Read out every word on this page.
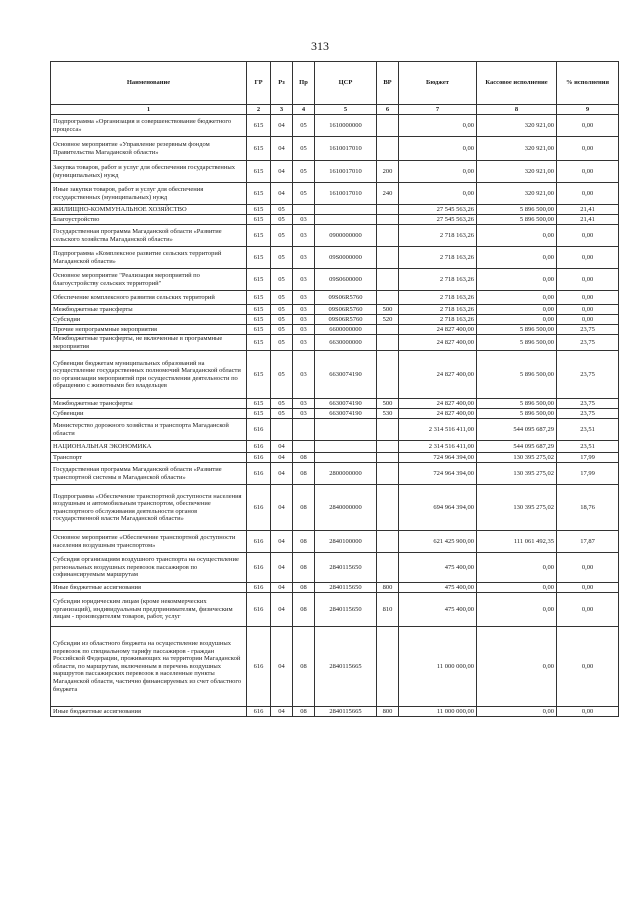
313
Наименование	ГР	Рз	Пр	ЦСР	ВР	Бюджет	Кассовое исполнение	% исполнения
1	2	3	4	5	6	7	8	9
Подпрограмма «Организация и совершенствование бюджетного процесса»	615	04	05	1610000000		0,00	320 921,00	0,00
Основное мероприятие «Управление резервным фондом Правительства Магаданской области»	615	04	05	1610017010		0,00	320 921,00	0,00
Закупка товаров, работ и услуг для обеспечения государственных (муниципальных) нужд	615	04	05	1610017010	200	0,00	320 921,00	0,00
Иные закупки товаров, работ и услуг для обеспечения государственных (муниципальных) нужд	615	04	05	1610017010	240	0,00	320 921,00	0,00
ЖИЛИЩНО-КОММУНАЛЬНОЕ ХОЗЯЙСТВО	615	05				27 545 563,26	5 896 500,00	21,41
Благоустройство	615	05	03			27 545 563,26	5 896 500,00	21,41
Государственная программа Магаданской области «Развитие сельского хозяйства Магаданской области»	615	05	03	0900000000		2 718 163,26	0,00	0,00
Подпрограмма «Комплексное развитие сельских территорий Магаданской области»	615	05	03	09S0000000		2 718 163,26	0,00	0,00
Основное мероприятие "Реализация мероприятий по благоустройству сельских территорий"	615	05	03	09S0600000		2 718 163,26	0,00	0,00
Обеспечение комплексного развития сельских территорий	615	05	03	09S06R5760		2 718 163,26	0,00	0,00
Межбюджетные трансферты	615	05	03	09S06R5760	500	2 718 163,26	0,00	0,00
Субсидии	615	05	03	09S06R5760	520	2 718 163,26	0,00	0,00
Прочие непрограммные мероприятия	615	05	03	6600000000		24 827 400,00	5 896 500,00	23,75
Межбюджетные трансферты, не включенные в программные мероприятия	615	05	03	6630000000		24 827 400,00	5 896 500,00	23,75
Субвенции бюджетам муниципальных образований на осуществление государственных полномочий Магаданской области по организации мероприятий при осуществлении деятельности по обращению с животными без владельцев	615	05	03	6630074190		24 827 400,00	5 896 500,00	23,75
Межбюджетные трансферты	615	05	03	6630074190	500	24 827 400,00	5 896 500,00	23,75
Субвенции	615	05	03	6630074190	530	24 827 400,00	5 896 500,00	23,75
Министерство дорожного хозяйства и транспорта Магаданской области	616					2 314 516 411,00	544 095 687,29	23,51
НАЦИОНАЛЬНАЯ ЭКОНОМИКА	616	04				2 314 516 411,00	544 095 687,29	23,51
Транспорт	616	04	08			724 964 394,00	130 395 275,02	17,99
Государственная программа Магаданской области «Развитие транспортной системы в Магаданской области»	616	04	08	2800000000		724 964 394,00	130 395 275,02	17,99
Подпрограмма «Обеспечение транспортной доступности населения воздушным и автомобильным транспортом, обеспечение транспортного обслуживания деятельности органов государственной власти Магаданской области»	616	04	08	2840000000		694 964 394,00	130 395 275,02	18,76
Основное мероприятие «Обеспечение транспортной доступности населения воздушным транспортом»	616	04	08	2840100000		621 425 900,00	111 061 492,35	17,87
Субсидия организациям воздушного транспорта на осуществление региональных воздушных перевозок пассажиров по софинансируемым маршрутам	616	04	08	2840115650		475 400,00	0,00	0,00
Иные бюджетные ассигнования	616	04	08	2840115650	800	475 400,00	0,00	0,00
Субсидии юридическим лицам (кроме некоммерческих организаций), индивидуальным предпринимателям, физическим лицам - производителям товаров, работ, услуг	616	04	08	2840115650	810	475 400,00	0,00	0,00
Субсидии из областного бюджета на осуществление воздушных перевозок по специальному тарифу пассажиров - граждан Российской Федерации, проживающих на территории Магаданской области, по маршрутам, включенным в перечень воздушных маршрутов пассажирских перевозок в населенные пункты Магаданской области, частично финансируемых из счет областного бюджета	616	04	08	2840115665		11 000 000,00	0,00	0,00
Иные бюджетные ассигнования	616	04	08	2840115665	800	11 000 000,00	0,00	0,00
